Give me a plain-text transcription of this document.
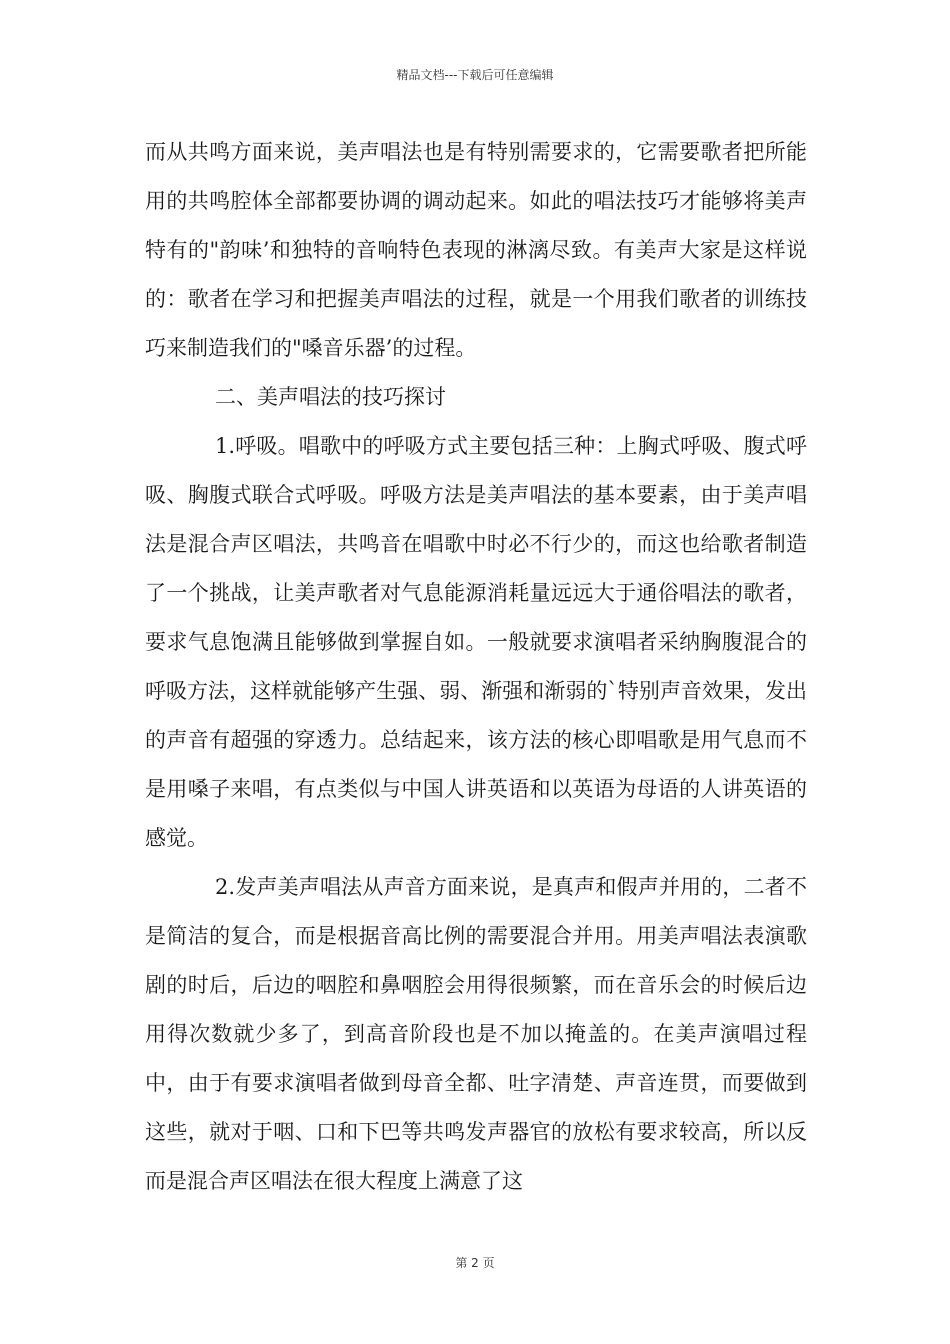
精品文档---下载后可任意编辑

而从共鸣方面来说，美声唱法也是有特别需要求的，它需要歌者把所能用的共鸣腔体全部都要协调的调动起来。如此的唱法技巧才能够将美声特有的"韵味’和独特的音响特色表现的淋漓尽致。有美声大家是这样说的：歌者在学习和把握美声唱法的过程，就是一个用我们歌者的训练技巧来制造我们的"嗓音乐器’的过程。

二、美声唱法的技巧探讨

1.呼吸。唱歌中的呼吸方式主要包括三种：上胸式呼吸、腹式呼吸、胸腹式联合式呼吸。呼吸方法是美声唱法的基本要素，由于美声唱法是混合声区唱法，共鸣音在唱歌中时必不行少的，而这也给歌者制造了一个挑战，让美声歌者对气息能源消耗量远远大于通俗唱法的歌者，要求气息饱满且能够做到掌握自如。一般就要求演唱者采纳胸腹混合的呼吸方法，这样就能够产生强、弱、渐强和渐弱的`特别声音效果，发出的声音有超强的穿透力。总结起来，该方法的核心即唱歌是用气息而不是用嗓子来唱，有点类似与中国人讲英语和以英语为母语的人讲英语的感觉。

2.发声美声唱法从声音方面来说，是真声和假声并用的，二者不是简洁的复合，而是根据音高比例的需要混合并用。用美声唱法表演歌剧的时后，后边的咽腔和鼻咽腔会用得很频繁，而在音乐会的时候后边用得次数就少多了，到高音阶段也是不加以掩盖的。在美声演唱过程中，由于有要求演唱者做到母音全都、吐字清楚、声音连贯，而要做到这些，就对于咽、口和下巴等共鸣发声器官的放松有要求较高，所以反而是混合声区唱法在很大程度上满意了这

第 2 页
